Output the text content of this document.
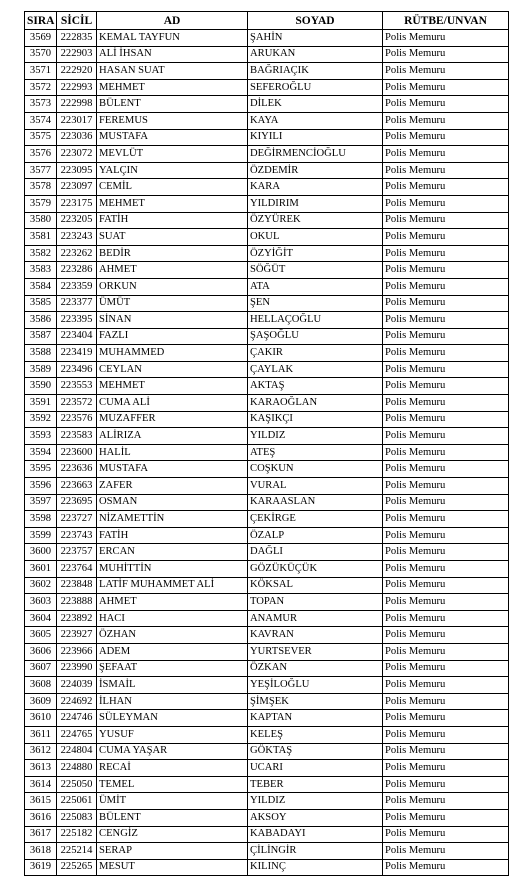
SIRA	SİCİL	AD	SOYAD	RÜTBE/UNVAN
3569	222835	KEMAL TAYFUN	ŞAHİN	Polis Memuru
3570	222903	ALİ İHSAN	ARUKAN	Polis Memuru
3571	222920	HASAN SUAT	BAĞRIAÇIK	Polis Memuru
3572	222993	MEHMET	SEFEROĞLU	Polis Memuru
3573	222998	BÜLENT	DİLEK	Polis Memuru
3574	223017	FEREMUS	KAYA	Polis Memuru
3575	223036	MUSTAFA	KIYILI	Polis Memuru
3576	223072	MEVLÜT	DEĞİRMENCİOĞLU	Polis Memuru
3577	223095	YALÇIN	ÖZDEMİR	Polis Memuru
3578	223097	CEMİL	KARA	Polis Memuru
3579	223175	MEHMET	YILDIRIM	Polis Memuru
3580	223205	FATİH	ÖZYÜREK	Polis Memuru
3581	223243	SUAT	OKUL	Polis Memuru
3582	223262	BEDİR	ÖZYİĞİT	Polis Memuru
3583	223286	AHMET	SÖĞÜT	Polis Memuru
3584	223359	ORKUN	ATA	Polis Memuru
3585	223377	ÜMÜT	ŞEN	Polis Memuru
3586	223395	SİNAN	HELLAÇOĞLU	Polis Memuru
3587	223404	FAZLI	ŞAŞOĞLU	Polis Memuru
3588	223419	MUHAMMED	ÇAKIR	Polis Memuru
3589	223496	CEYLAN	ÇAYLAK	Polis Memuru
3590	223553	MEHMET	AKTAŞ	Polis Memuru
3591	223572	CUMA ALİ	KARAOĞLAN	Polis Memuru
3592	223576	MUZAFFER	KAŞIKÇI	Polis Memuru
3593	223583	ALİRIZA	YILDIZ	Polis Memuru
3594	223600	HALİL	ATEŞ	Polis Memuru
3595	223636	MUSTAFA	COŞKUN	Polis Memuru
3596	223663	ZAFER	VURAL	Polis Memuru
3597	223695	OSMAN	KARAASLAN	Polis Memuru
3598	223727	NİZAMETTİN	ÇEKİRGE	Polis Memuru
3599	223743	FATİH	ÖZALP	Polis Memuru
3600	223757	ERCAN	DAĞLI	Polis Memuru
3601	223764	MUHİTTİN	GÖZÜKÜÇÜK	Polis Memuru
3602	223848	LATİF MUHAMMET ALİ	KÖKSAL	Polis Memuru
3603	223888	AHMET	TOPAN	Polis Memuru
3604	223892	HACI	ANAMUR	Polis Memuru
3605	223927	ÖZHAN	KAVRAN	Polis Memuru
3606	223966	ADEM	YURTSEVER	Polis Memuru
3607	223990	ŞEFAAT	ÖZKAN	Polis Memuru
3608	224039	İSMAİL	YEŞİLOĞLU	Polis Memuru
3609	224692	İLHAN	ŞİMŞEK	Polis Memuru
3610	224746	SÜLEYMAN	KAPTAN	Polis Memuru
3611	224765	YUSUF	KELEŞ	Polis Memuru
3612	224804	CUMA YAŞAR	GÖKTAŞ	Polis Memuru
3613	224880	RECAİ	UCARI	Polis Memuru
3614	225050	TEMEL	TEBER	Polis Memuru
3615	225061	ÜMİT	YILDIZ	Polis Memuru
3616	225083	BÜLENT	AKSOY	Polis Memuru
3617	225182	CENGİZ	KABADAYI	Polis Memuru
3618	225214	SERAP	ÇİLİNGİR	Polis Memuru
3619	225265	MESUT	KILINÇ	Polis Memuru
